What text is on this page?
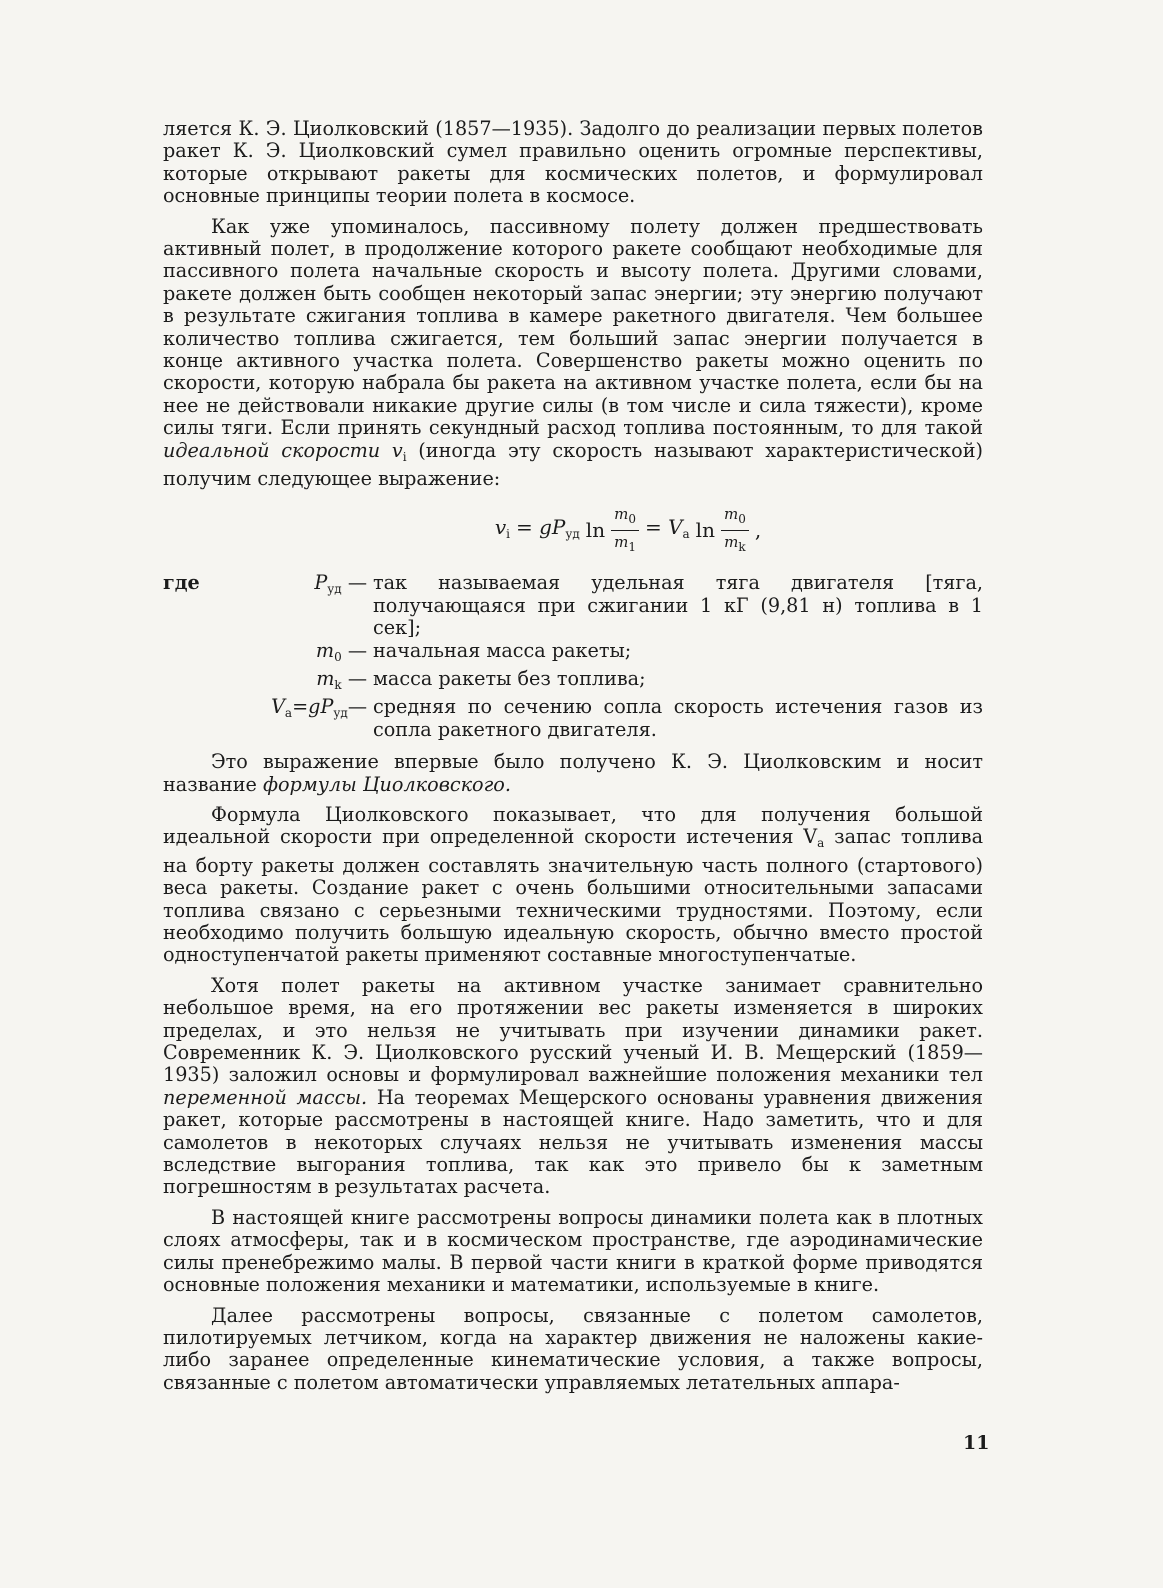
ляется К. Э. Циолковский (1857—1935). Задолго до реализации первых полетов ракет К. Э. Циолковский сумел правильно оценить огромные перспективы, которые открывают ракеты для космических полетов, и формулировал основные принципы теории полета в космосе.

Как уже упоминалось, пассивному полету должен предшествовать активный полет, в продолжение которого ракете сообщают необходимые для пассивного полета начальные скорость и высоту полета. Другими словами, ракете должен быть сообщен некоторый запас энергии; эту энергию получают в результате сжигания топлива в камере ракетного двигателя. Чем большее количество топлива сжигается, тем больший запас энергии получается в конце активного участка полета. Совершенство ракеты можно оценить по скорости, которую набрала бы ракета на активном участке полета, если бы на нее не действовали никакие другие силы (в том числе и сила тяжести), кроме силы тяги. Если принять секундный расход топлива постоянным, то для такой идеальной скорости $v_i$ (иногда эту скорость называют характеристической) получим следующее выражение:

$v_i = gP_{уд}$ $\ln \frac{m_0}{m_1} = V_a$ $\ln \frac{m_0}{m_k}$ ,
где	$P_{уд}$ — так называемая удельная тяга двигателя [тяга, получающаяся при сжигании 1 кГ (9,81 н) топлива в 1 сек];
$m_0$ — начальная масса ракеты;
$m_k$ — масса ракеты без топлива;
$V_a=gP_{уд}—$ средняя по сечению сопла скорость истечения газов из сопла ракетного двигателя.

Это выражение впервые было получено К. Э. Циолковским и носит название формулы Циолковского.

Формула Циолковского показывает, что для получения большой идеальной скорости при определенной скорости истечения $V_a$ запас топлива на борту ракеты должен составлять значительную часть полного (стартового) веса ракеты. Создание ракет с очень большими относительными запасами топлива связано с серьезными техническими трудностями. Поэтому, если необходимо получить большую идеальную скорость, обычно вместо простой одноступенчатой ракеты применяют составные многоступенчатые.

Хотя полет ракеты на активном участке занимает сравнительно небольшое время, на его протяжении вес ракеты изменяется в широких пределах, и это нельзя не учитывать при изучении динамики ракет. Современник К. Э. Циолковского русский ученый И. В. Мещерский (1859—1935) заложил основы и формулировал важнейшие положения механики тел переменной массы. На теоремах Мещерского основаны уравнения движения ракет, которые рассмотрены в настоящей книге. Надо заметить, что и для самолетов в некоторых случаях нельзя не учитывать изменения массы вследствие выгорания топлива, так как это привело бы к заметным погрешностям в результатах расчета.

В настоящей книге рассмотрены вопросы динамики полета как в плотных слоях атмосферы, так и в космическом пространстве, где аэродинамические силы пренебрежимо малы. В первой части книги в краткой форме приводятся основные положения механики и математики, используемые в книге.

Далее рассмотрены вопросы, связанные с полетом самолетов, пилотируемых летчиком, когда на характер движения не наложены какие-либо заранее определенные кинематические условия, а также вопросы, связанные с полетом автоматически управляемых летательных аппара-

11
